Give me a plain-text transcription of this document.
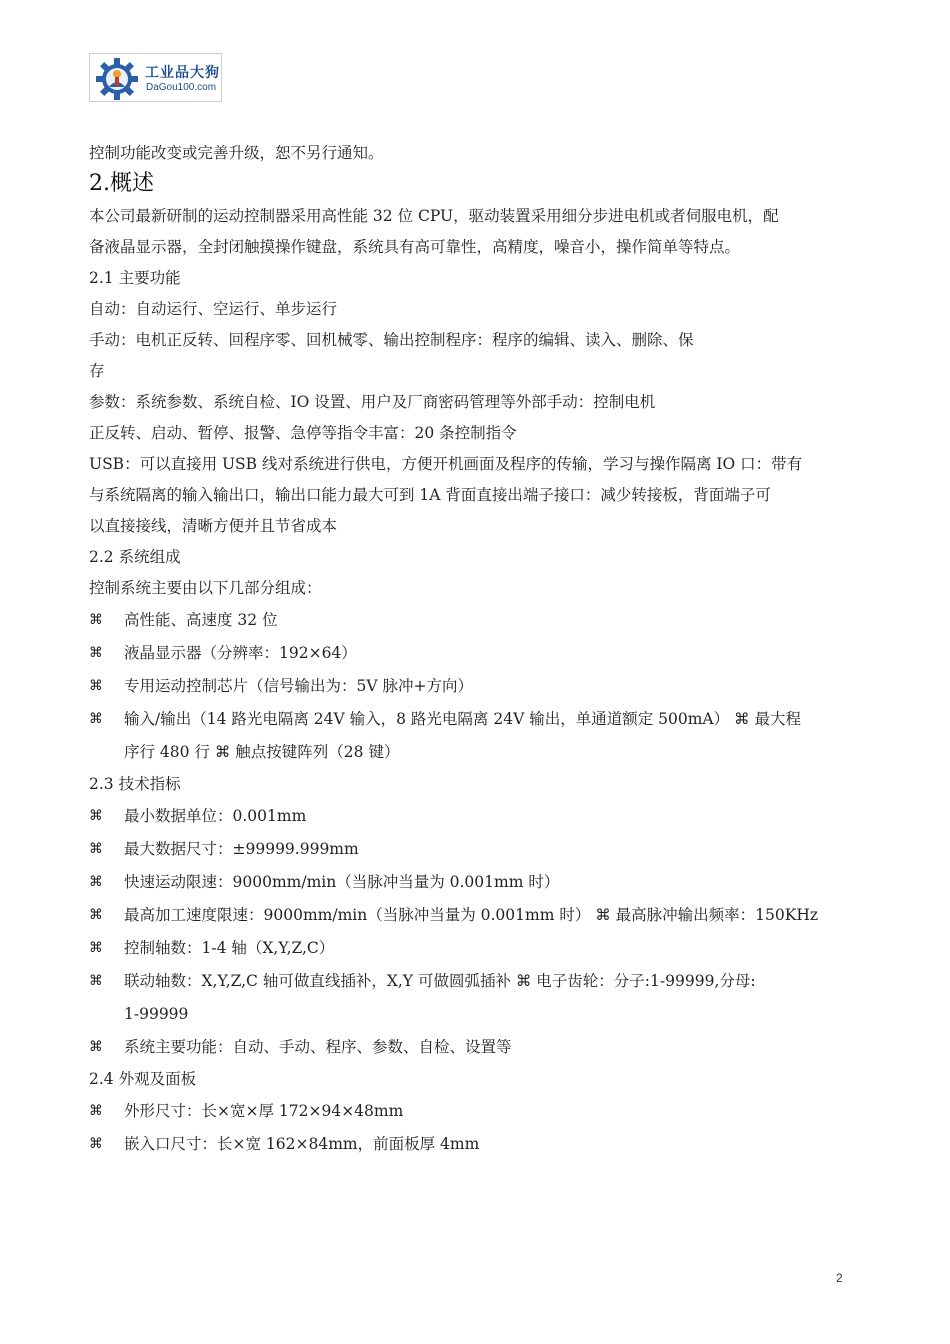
工业品大狗
DaGou100.com
控制功能改变或完善升级，恕不另行通知。
2.概述
本公司最新研制的运动控制器采用高性能 32 位 CPU，驱动装置采用细分步进电机或者伺服电机，配
备液晶显示器，全封闭触摸操作键盘，系统具有高可靠性，高精度，噪音小，操作简单等特点。
2.1 主要功能
自动：自动运行、空运行、单步运行
手动：电机正反转、回程序零、回机械零、输出控制程序：程序的编辑、读入、删除、保
存
参数：系统参数、系统自检、IO 设置、用户及厂商密码管理等外部手动：控制电机
正反转、启动、暂停、报警、急停等指令丰富：20 条控制指令
USB：可以直接用 USB 线对系统进行供电，方便开机画面及程序的传输，学习与操作隔离 IO 口：带有
与系统隔离的输入输出口，输出口能力最大可到 1A 背面直接出端子接口：减少转接板，背面端子可
以直接接线，清晰方便并且节省成本
2.2 系统组成
控制系统主要由以下几部分组成：
⌘ 高性能、高速度 32 位
⌘ 液晶显示器（分辨率：192×64）
⌘ 专用运动控制芯片（信号输出为：5V 脉冲+方向）
⌘ 输入/输出（14 路光电隔离 24V 输入，8 路光电隔离 24V 输出，单通道额定 500mA） ⌘ 最大程
序行 480 行 ⌘ 触点按键阵列（28 键）
2.3 技术指标
⌘ 最小数据单位：0.001mm
⌘ 最大数据尺寸：±99999.999mm
⌘ 快速运动限速：9000mm/min（当脉冲当量为 0.001mm 时）
⌘ 最高加工速度限速：9000mm/min（当脉冲当量为 0.001mm 时） ⌘ 最高脉冲输出频率：150KHz
⌘ 控制轴数：1-4 轴（X,Y,Z,C）
⌘ 联动轴数：X,Y,Z,C 轴可做直线插补，X,Y 可做圆弧插补 ⌘ 电子齿轮：分子:1-99999,分母:
1-99999
⌘ 系统主要功能：自动、手动、程序、参数、自检、设置等
2.4 外观及面板
⌘ 外形尺寸：长×宽×厚 172×94×48mm
⌘ 嵌入口尺寸：长×宽 162×84mm，前面板厚 4mm
2
